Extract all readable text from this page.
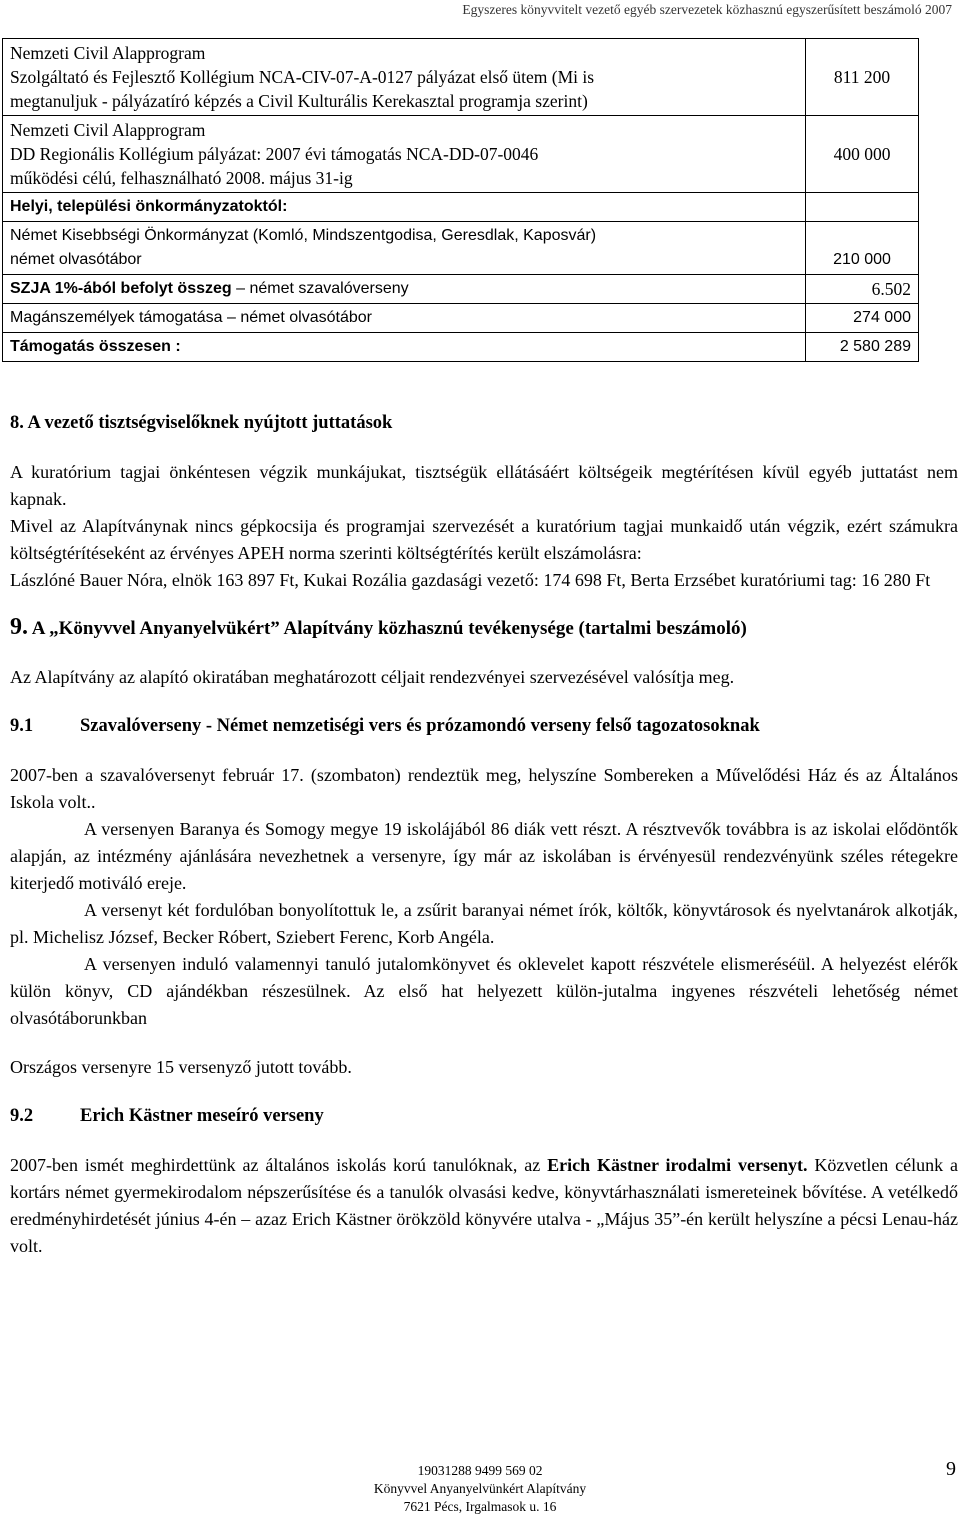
Egyszeres könyvvitelt vezető egyéb szervezetek közhasznú egyszerűsített beszámoló 2007
Nemzeti Civil Alapprogram
Szolgáltató és Fejlesztő Kollégium NCA-CIV-07-A-0127 pályázat első ütem (Mi is
megtanuljuk - pályázatíró képzés a Civil Kulturális Kerekasztal programja szerint)	811 200

Nemzeti Civil Alapprogram
DD Regionális Kollégium pályázat: 2007 évi támogatás NCA-DD-07-0046
működési célú, felhasználható 2008. május 31-ig	400 000
Helyi, települési önkormányzatoktól:	

Német Kisebbségi Önkormányzat (Komló, Mindszentgodisa, Geresdlak, Kaposvár)
német olvasótábor	210 000
SZJA 1%-ából befolyt összeg – német szavalóverseny	6.502
Magánszemélyek támogatása – német olvasótábor	274 000
Támogatás összesen :	2 580 289

8. A vezető tisztségviselőknek nyújtott juttatások

A kuratórium tagjai önkéntesen végzik munkájukat, tisztségük ellátásáért költségeik megtérítésen kívül egyéb juttatást nem kapnak.

Mivel az Alapítványnak nincs gépkocsija és programjai szervezését a kuratórium tagjai munkaidő után végzik, ezért számukra költségtérítéseként az érvényes APEH norma szerinti költségtérítés került elszámolásra:

Lászlóné Bauer Nóra, elnök 163 897 Ft, Kukai Rozália gazdasági vezető: 174 698 Ft, Berta Erzsébet kuratóriumi tag: 16 280 Ft

9. A „Könyvvel Anyanyelvükért” Alapítvány közhasznú tevékenysége (tartalmi beszámoló)

Az Alapítvány az alapító okiratában meghatározott céljait rendezvényei szervezésével valósítja meg.

9.1	Szavalóverseny - Német nemzetiségi vers és prózamondó verseny felső tagozatosoknak

2007-ben a szavalóversenyt február 17. (szombaton) rendeztük meg, helyszíne Sombereken a Művelődési Ház és az Általános Iskola volt..

A versenyen Baranya és Somogy megye 19 iskolájából 86 diák vett részt. A résztvevők továbbra is az iskolai elődöntők alapján, az intézmény ajánlására nevezhetnek a versenyre, így már az iskolában is érvényesül rendezvényünk széles rétegekre kiterjedő motiváló ereje.

A versenyt két fordulóban bonyolítottuk le, a zsűrit baranyai német írók, költők, könyvtárosok és nyelvtanárok alkotják, pl. Michelisz József, Becker Róbert, Sziebert Ferenc, Korb Angéla.

A versenyen induló valamennyi tanuló jutalomkönyvet és oklevelet kapott részvétele elismeréséül. A helyezést elérők külön könyv, CD ajándékban részesülnek. Az első hat helyezett külön-jutalma ingyenes részvételi lehetőség német olvasótáborunkban

Országos versenyre 15 versenyző jutott tovább.

9.2	Erich Kästner meseíró verseny

2007-ben ismét meghirdettünk az általános iskolás korú tanulóknak, az Erich Kästner irodalmi versenyt. Közvetlen célunk a kortárs német gyermekirodalom népszerűsítése és a tanulók olvasási kedve, könyvtárhasználati ismereteinek bővítése. A vetélkedő eredményhirdetését június 4-én – azaz Erich Kästner örökzöld könyvére utalva - „Május 35”-én került helyszíne a pécsi Lenau-ház volt.

19031288 9499 569 02
Könyvvel Anyanyelvünkért Alapítvány
7621 Pécs, Irgalmasok u. 16
9
